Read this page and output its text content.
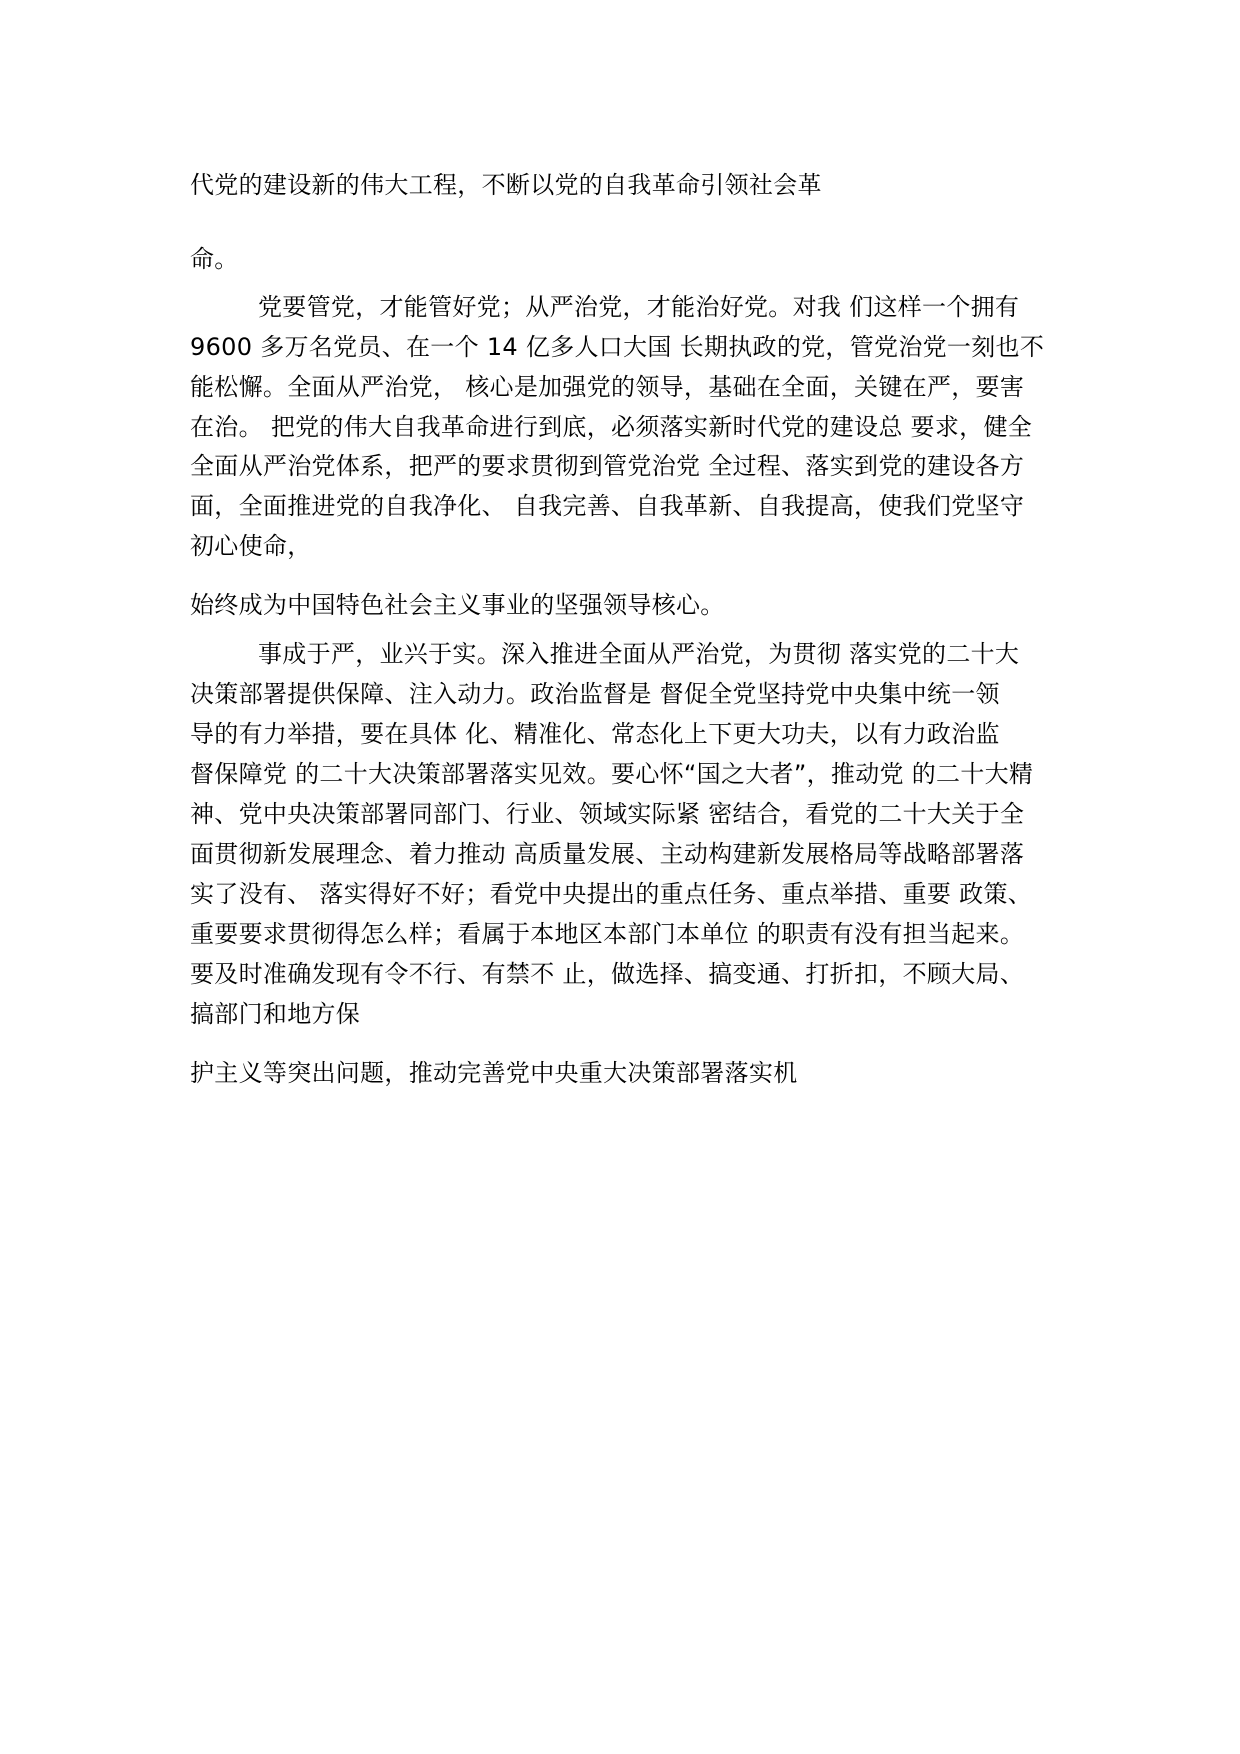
代党的建设新的伟大工程，不断以党的自我革命引领社会革
命。
党要管党，才能管好党；从严治党，才能治好党。对我 们这样一个拥有
9600 多万名党员、在一个 14 亿多人口大国 长期执政的党，管党治党一刻也不
能松懈。全面从严治党， 核心是加强党的领导，基础在全面，关键在严，要害
在治。 把党的伟大自我革命进行到底，必须落实新时代党的建设总 要求，健全
全面从严治党体系，把严的要求贯彻到管党治党 全过程、落实到党的建设各方
面，全面推进党的自我净化、 自我完善、自我革新、自我提高，使我们党坚守
初心使命，
始终成为中国特色社会主义事业的坚强领导核心。
事成于严，业兴于实。深入推进全面从严治党，为贯彻 落实党的二十大
决策部署提供保障、注入动力。政治监督是 督促全党坚持党中央集中统一领
导的有力举措，要在具体 化、精准化、常态化上下更大功夫，以有力政治监
督保障党 的二十大决策部署落实见效。要心怀“国之大者”，推动党 的二十大精
神、党中央决策部署同部门、行业、领域实际紧 密结合，看党的二十大关于全
面贯彻新发展理念、着力推动 高质量发展、主动构建新发展格局等战略部署落
实了没有、 落实得好不好；看党中央提出的重点任务、重点举措、重要 政策、
重要要求贯彻得怎么样；看属于本地区本部门本单位 的职责有没有担当起来。
要及时准确发现有令不行、有禁不 止，做选择、搞变通、打折扣，不顾大局、
搞部门和地方保
护主义等突出问题，推动完善党中央重大决策部署落实机
